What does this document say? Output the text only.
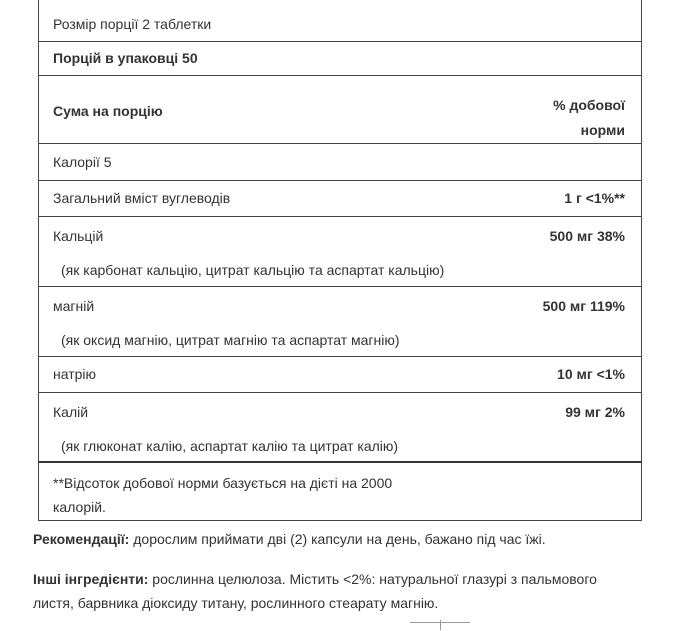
Розмір порції 2 таблетки
Порцій в упаковці 50
Сума на порцію	% добової
норми
Калорії 5
Загальний вміст вуглеводів	1 г <1%**
Кальцій	500 мг 38%
(як карбонат кальцію, цитрат кальцію та аспартат кальцію)
магній	500 мг 119%
(як оксид магнію, цитрат магнію та аспартат магнію)
натрію	10 мг <1%
Калій	99 мг 2%
(як глюконат калію, аспартат калію та цитрат калію)
**Відсоток добової норми базується на дієті на 2000 калорій.
Рекомендації: дорослим приймати дві (2) капсули на день, бажано під час їжі.
Інші інгредієнти: рослинна целюлоза. Містить <2%: натуральної глазурі з пальмового листя, барвника діоксиду титану, рослинного стеарату магнію.
